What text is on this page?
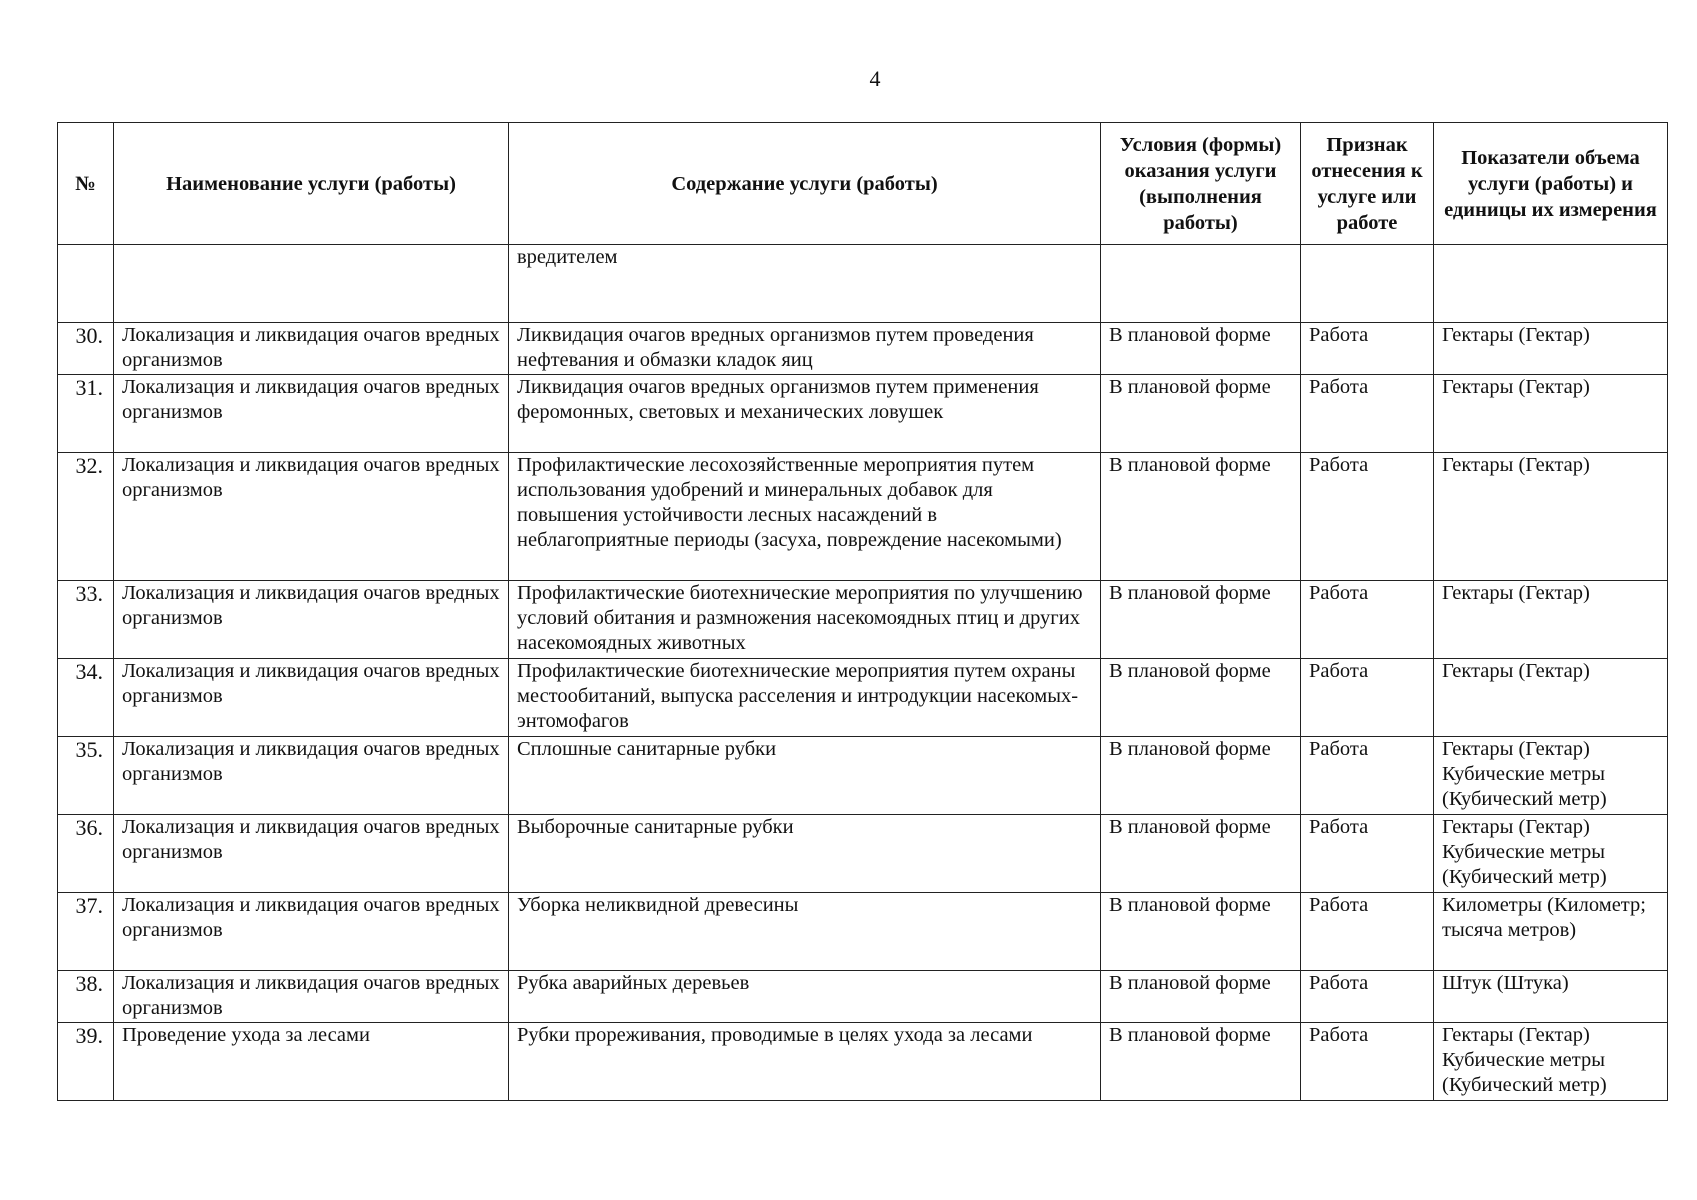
4
№	Наименование услуги (работы)	Содержание услуги (работы)	Условия (формы) оказания услуги (выполнения работы)	Признак отнесения к услуге или работе	Показатели объема услуги (работы) и единицы их измерения
		вредителем			
30.	Локализация и ликвидация очагов вредных организмов	Ликвидация очагов вредных организмов путем проведения нефтевания и обмазки кладок яиц	В плановой форме	Работа	Гектары (Гектар)
31.	Локализация и ликвидация очагов вредных организмов	Ликвидация очагов вредных организмов путем применения феромонных, световых и механических ловушек	В плановой форме	Работа	Гектары (Гектар)
32.	Локализация и ликвидация очагов вредных организмов	Профилактические лесохозяйственные мероприятия путем использования удобрений и минеральных добавок для повышения устойчивости лесных насаждений в неблагоприятные периоды (засуха, повреждение насекомыми)	В плановой форме	Работа	Гектары (Гектар)
33.	Локализация и ликвидация очагов вредных организмов	Профилактические биотехнические мероприятия по улучшению условий обитания и размножения насекомоядных птиц и других насекомоядных животных	В плановой форме	Работа	Гектары (Гектар)
34.	Локализация и ликвидация очагов вредных организмов	Профилактические биотехнические мероприятия путем охраны местообитаний, выпуска расселения и интродукции насекомых-энтомофагов	В плановой форме	Работа	Гектары (Гектар)
35.	Локализация и ликвидация очагов вредных организмов	Сплошные санитарные рубки	В плановой форме	Работа	Гектары (Гектар) Кубические метры (Кубический метр)
36.	Локализация и ликвидация очагов вредных организмов	Выборочные санитарные рубки	В плановой форме	Работа	Гектары (Гектар) Кубические метры (Кубический метр)
37.	Локализация и ликвидация очагов вредных организмов	Уборка неликвидной древесины	В плановой форме	Работа	Километры (Километр; тысяча метров)
38.	Локализация и ликвидация очагов вредных организмов	Рубка аварийных деревьев	В плановой форме	Работа	Штук (Штука)
39.	Проведение ухода за лесами	Рубки прореживания, проводимые в целях ухода за лесами	В плановой форме	Работа	Гектары (Гектар) Кубические метры (Кубический метр)
